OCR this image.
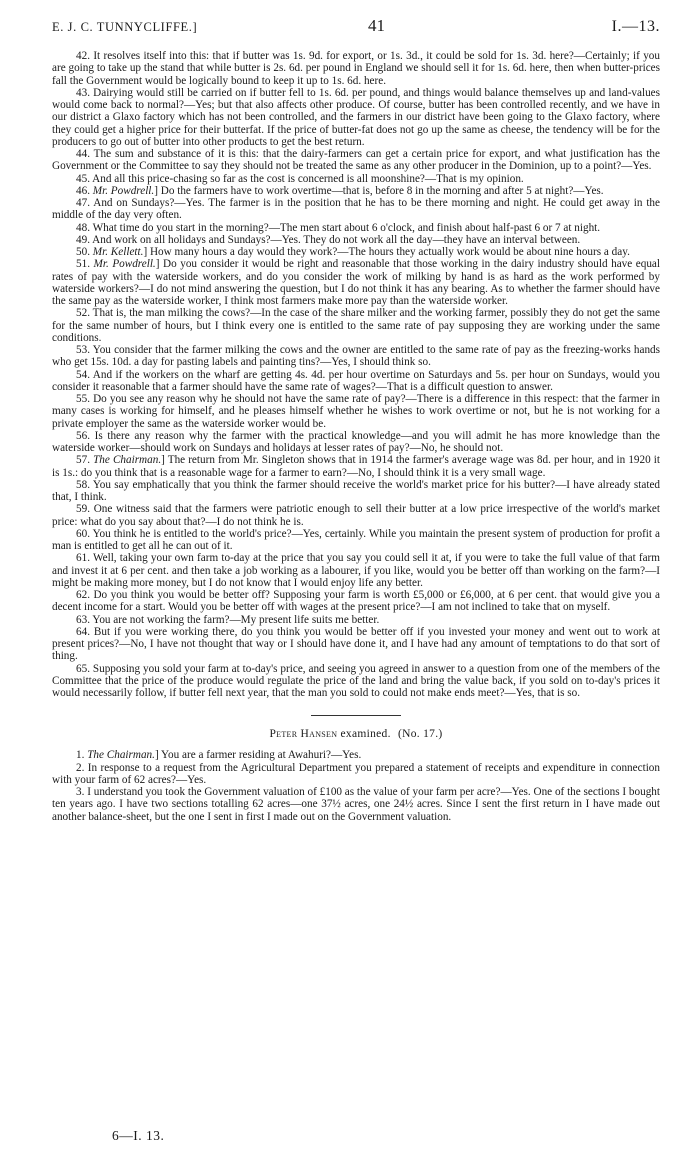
E. J. C. TUNNYCLIFFE.]	41	I.—13.

42. It resolves itself into this: that if butter was 1s. 9d. for export, or 1s. 3d., it could be sold for 1s. 3d. here?—Certainly; if you are going to take up the stand that while butter is 2s. 6d. per pound in England we should sell it for 1s. 6d. here, then when butter-prices fall the Government would be logically bound to keep it up to 1s. 6d. here.

43. Dairying would still be carried on if butter fell to 1s. 6d. per pound, and things would balance themselves up and land-values would come back to normal?—Yes; but that also affects other produce. Of course, butter has been controlled recently, and we have in our district a Glaxo factory which has not been controlled, and the farmers in our district have been going to the Glaxo factory, where they could get a higher price for their butterfat. If the price of butter-fat does not go up the same as cheese, the tendency will be for the producers to go out of butter into other products to get the best return.

44. The sum and substance of it is this: that the dairy-farmers can get a certain price for export, and what justification has the Government or the Committee to say they should not be treated the same as any other producer in the Dominion, up to a point?—Yes.

45. And all this price-chasing so far as the cost is concerned is all moonshine?—That is my opinion.

46. Mr. Powdrell.] Do the farmers have to work overtime—that is, before 8 in the morning and after 5 at night?—Yes.

47. And on Sundays?—Yes. The farmer is in the position that he has to be there morning and night. He could get away in the middle of the day very often.

48. What time do you start in the morning?—The men start about 6 o'clock, and finish about half-past 6 or 7 at night.

49. And work on all holidays and Sundays?—Yes. They do not work all the day—they have an interval between.

50. Mr. Kellett.] How many hours a day would they work?—The hours they actually work would be about nine hours a day.

51. Mr. Powdrell.] Do you consider it would be right and reasonable that those working in the dairy industry should have equal rates of pay with the waterside workers, and do you consider the work of milking by hand is as hard as the work performed by waterside workers?—I do not mind answering the question, but I do not think it has any bearing. As to whether the farmer should have the same pay as the waterside worker, I think most farmers make more pay than the waterside worker.

52. That is, the man milking the cows?—In the case of the share milker and the working farmer, possibly they do not get the same for the same number of hours, but I think every one is entitled to the same rate of pay supposing they are working under the same conditions.

53. You consider that the farmer milking the cows and the owner are entitled to the same rate of pay as the freezing-works hands who get 15s. 10d. a day for pasting labels and painting tins?—Yes, I should think so.

54. And if the workers on the wharf are getting 4s. 4d. per hour overtime on Saturdays and 5s. per hour on Sundays, would you consider it reasonable that a farmer should have the same rate of wages?—That is a difficult question to answer.

55. Do you see any reason why he should not have the same rate of pay?—There is a difference in this respect: that the farmer in many cases is working for himself, and he pleases himself whether he wishes to work overtime or not, but he is not working for a private employer the same as the waterside worker would be.

56. Is there any reason why the farmer with the practical knowledge—and you will admit he has more knowledge than the waterside worker—should work on Sundays and holidays at lesser rates of pay?—No, he should not.

57. The Chairman.] The return from Mr. Singleton shows that in 1914 the farmer's average wage was 8d. per hour, and in 1920 it is 1s.: do you think that is a reasonable wage for a farmer to earn?—No, I should think it is a very small wage.

58. You say emphatically that you think the farmer should receive the world's market price for his butter?—I have already stated that, I think.

59. One witness said that the farmers were patriotic enough to sell their butter at a low price irrespective of the world's market price: what do you say about that?—I do not think he is.

60. You think he is entitled to the world's price?—Yes, certainly. While you maintain the present system of production for profit a man is entitled to get all he can out of it.

61. Well, taking your own farm to-day at the price that you say you could sell it at, if you were to take the full value of that farm and invest it at 6 per cent. and then take a job working as a labourer, if you like, would you be better off than working on the farm?—I might be making more money, but I do not know that I would enjoy life any better.

62. Do you think you would be better off? Supposing your farm is worth £5,000 or £6,000, at 6 per cent. that would give you a decent income for a start. Would you be better off with wages at the present price?—I am not inclined to take that on myself.

63. You are not working the farm?—My present life suits me better.

64. But if you were working there, do you think you would be better off if you invested your money and went out to work at present prices?—No, I have not thought that way or I should have done it, and I have had any amount of temptations to do that sort of thing.

65. Supposing you sold your farm at to-day's price, and seeing you agreed in answer to a question from one of the members of the Committee that the price of the produce would regulate the price of the land and bring the value back, if you sold on to-day's prices it would necessarily follow, if butter fell next year, that the man you sold to could not make ends meet?—Yes, that is so.

Peter Hansen examined. (No. 17.)

1. The Chairman.] You are a farmer residing at Awahuri?—Yes.

2. In response to a request from the Agricultural Department you prepared a statement of receipts and expenditure in connection with your farm of 62 acres?—Yes.

3. I understand you took the Government valuation of £100 as the value of your farm per acre?—Yes. One of the sections I bought ten years ago. I have two sections totalling 62 acres—one 37½ acres, one 24½ acres. Since I sent the first return in I have made out another balance-sheet, but the one I sent in first I made out on the Government valuation.

6—I. 13.
